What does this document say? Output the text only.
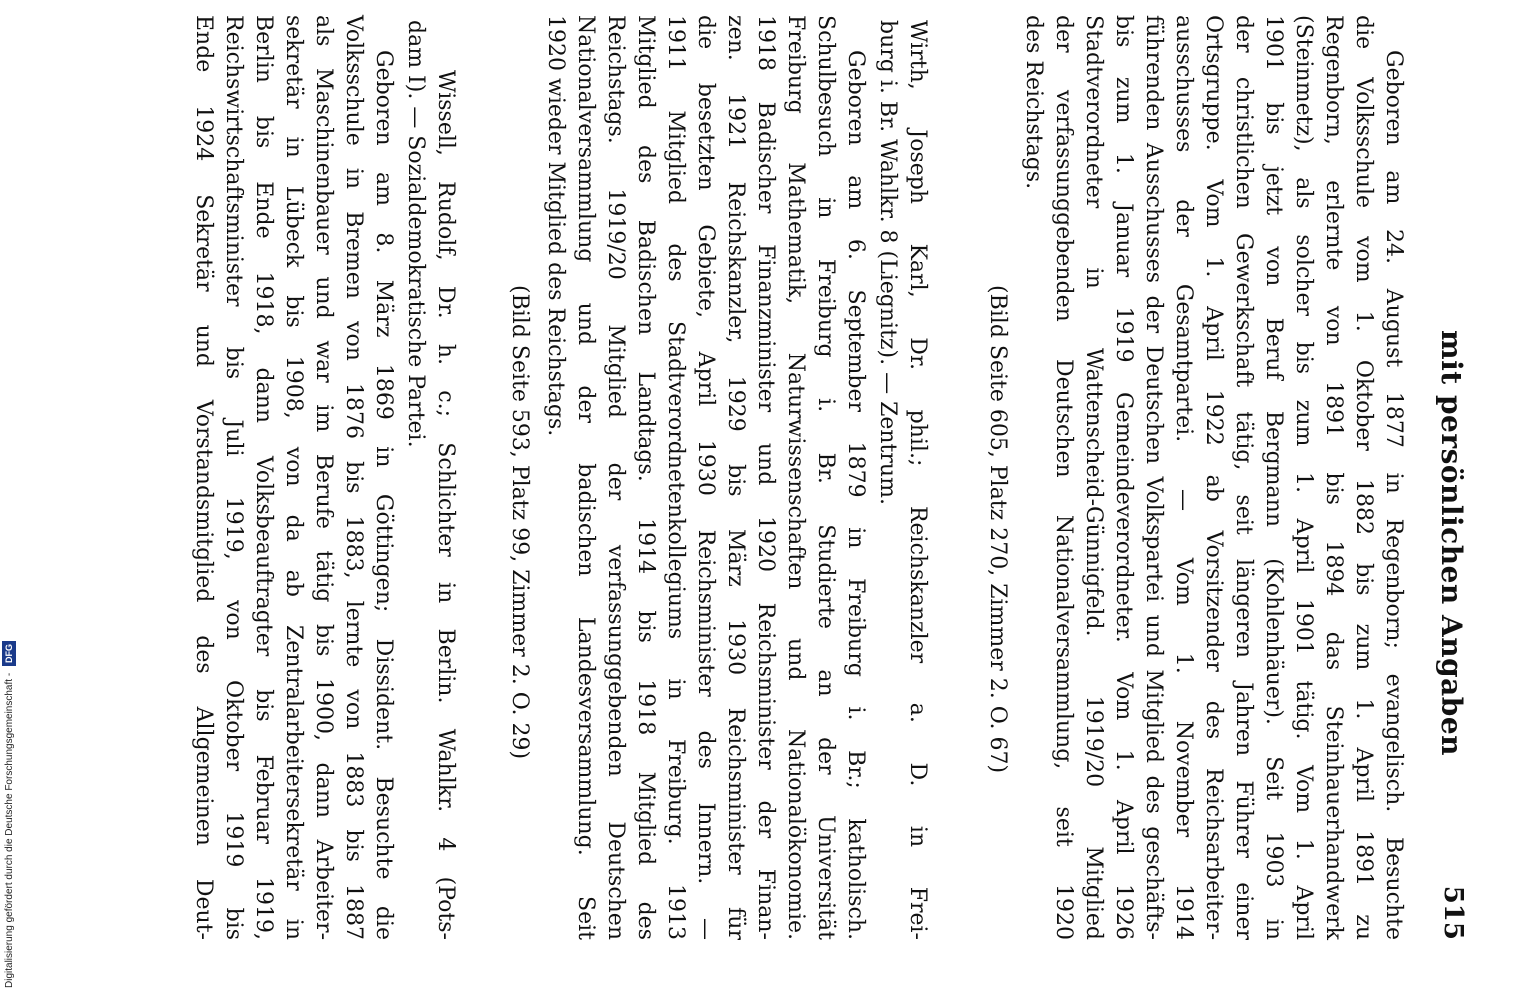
mit persönlichen Angaben
515
Geboren am 24. August 1877 in Regenborn; evangelisch. Besuchte
die Volksschule vom 1. Oktober 1882 bis zum 1. April 1891 zu
Regenborn, erlernte von 1891 bis 1894 das Steinhauerhandwerk
(Steinmetz), als solcher bis zum 1. April 1901 tätig. Vom 1. April
1901 bis jetzt von Beruf Bergmann (Kohlenhäuer). Seit 1903 in
der christlichen Gewerkschaft tätig, seit längeren Jahren Führer einer
Ortsgruppe. Vom 1. April 1922 ab Vorsitzender des Reichsarbeiter-
ausschusses der Gesamtpartei. — Vom 1. November 1914
führenden Ausschusses der Deutschen Volkspartei und Mitglied des geschäfts-
bis zum 1. Januar 1919 Gemeindeverordneter. Vom 1. April 1926
Stadtverordneter in Wattenscheid-Günnigfeld. 1919/20 Mitglied
der verfassunggebenden Deutschen Nationalversammlung, seit 1920
des Reichstags.
(Bild Seite 605, Platz 270, Zimmer 2. O. 67)
Wirth, Joseph Karl, Dr. phil.; Reichskanzler a. D. in Frei-
burg i. Br. Wahlkr. 8 (Liegnitz). — Zentrum.
Geboren am 6. September 1879 in Freiburg i. Br.; katholisch.
Schulbesuch in Freiburg i. Br. Studierte an der Universität
Freiburg Mathematik, Naturwissenschaften und Nationalökonomie.
1918 Badischer Finanzminister und 1920 Reichsminister der Finan-
zen. 1921 Reichskanzler, 1929 bis März 1930 Reichsminister für
die besetzten Gebiete, April 1930 Reichsminister des Innern. —
1911 Mitglied des Stadtverordnetenkollegiums in Freiburg. 1913
Mitglied des Badischen Landtags. 1914 bis 1918 Mitglied des
Reichstags. 1919/20 Mitglied der verfassunggebenden Deutschen
Nationalversammlung und der badischen Landesversammlung. Seit
1920 wieder Mitglied des Reichstags.
(Bild Seite 593, Platz 99, Zimmer 2. O. 29)
Wissell, Rudolf, Dr. h. c.; Schlichter in Berlin. Wahlkr. 4 (Pots-
dam I). — Sozialdemokratische Partei.
Geboren am 8. März 1869 in Göttingen; Dissident. Besuchte die
Volksschule in Bremen von 1876 bis 1883, lernte von 1883 bis 1887
als Maschinenbauer und war im Berufe tätig bis 1900, dann Arbeiter-
sekretär in Lübeck bis 1908, von da ab Zentralarbeitersekretär in
Berlin bis Ende 1918, dann Volksbeauftragter bis Februar 1919,
Reichswirtschaftsminister bis Juli 1919, von Oktober 1919 bis
Ende 1924 Sekretär und Vorstandsmitglied des Allgemeinen Deut-
Digitalisierung gefördert durch die Deutsche Forschungsgemeinschaft - DFG
